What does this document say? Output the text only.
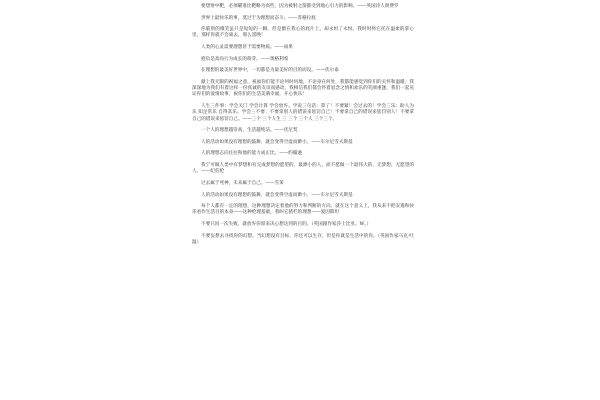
要想射中靶，必须瞄准比靶略为高些，因为被射之箭都受到地心引力的影响。——英国诗人朗费罗

世界上最快乐的事，莫过于为理想而奋斗。——苏格拉底

你临别的微笑虽只是短短的一瞬，但是摄在我心的底片上，却永恒了永恒。我时时将它托在温柔的掌心里，那样你就不会离去，那么遥唤！

人类的心灵需要理想甚于需要物质。——雨果

抱负是高尚行为成长的萌芽。——奥格利希

在理想的最美好世界中，一切都是为最美好的目的而设。——伏尔泰

献上我无限的祝福之意，祝福你们能不论何时何地，不论身在何处，我都能感觉到你们的关怀和温暖，我深深地为我们有着这样一份真诚的友谊而感动，我相信我们都会怀着思念之情和欢乐的笑颜重逢，我们一起见证你们的爱情故事，祝你们的生活美满幸福，开心快乐！

人生三件事：学会关门 学会计算 学会放弃。学说三句话：算了！不要紧！会过去的！学会三乐：助人为乐 知足常乐 自得其乐。学会三不要：不要拿别人的错误来惩罚自己！不要拿自己的错误来惩罚别人！不要拿自己的错误来惩罚自己。——三个 三个人生 三 三个 三个人 三个三个。

一个人的理想越崇高，生活越纯洁。——伏尼契

人的活动如果没有理想的鼓舞，就会变得空虚而渺小。——车尔尼雪夫斯基

人的理想志向往往和他的能力成正比。——约翰逊

我宁可做人类中有梦想和有完成梦想的愿望的、最渺小的人，而不愿做一个最伟大的、无梦想、无愿望的人。——纪伯伦

过去属于死神，未来属于自己。——雪莱

人的活动如果没有理想的鼓舞，就会变得空虚而渺小。——车尔尼雪夫斯基

每个人都有一定的理想，这种理想决定着他的努力和判断的方向。就在这个意义上，我从来不把安逸和快乐看作生活目的本身——这种伦理基础，我叫它猪栏的理想——爱因斯坦

不要只因一次失败，就放弃你原来决心想达到的目的。（英国剧作家莎士比亚。W。）

不要妄想去寻找你的幻想。当幻想没有目标，你还可以生存，但是你就是生活中的你。（英国作家马克·吐温）
